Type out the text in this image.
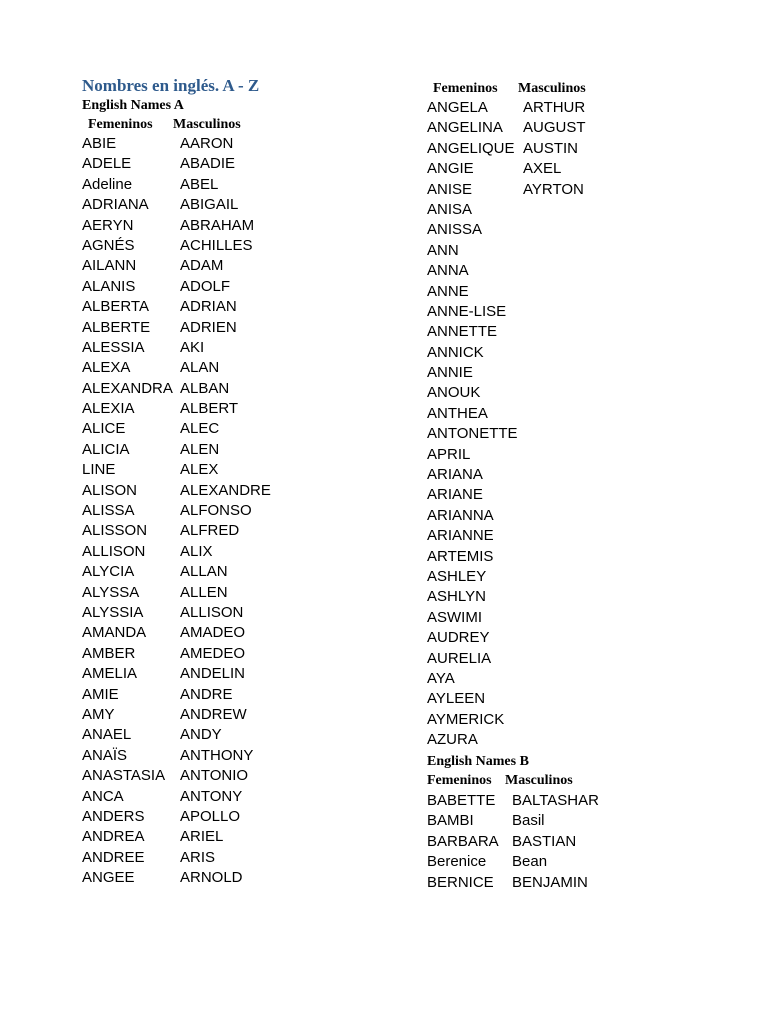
Nombres en inglés. A - Z
English Names A
Femeninos Masculinos
ABIE	AARON
ADELE	ABADIE
Adeline	ABEL
ADRIANA ABIGAIL
AERYN	ABRAHAM
AGNÉS	ACHILLES
AILANN	ADAM
ALANIS	ADOLF
ALBERTA ADRIAN
ALBERTE ADRIEN
ALESSIA AKI
ALEXA	ALAN
ALEXANDRA ALBAN
ALEXIA	ALBERT
ALICE	ALEC
ALICIA	ALEN
LINE	ALEX
ALISON	ALEXANDRE
ALISSA	ALFONSO
ALISSON ALFRED
ALLISON ALIX
ALYCIA	ALLAN
ALYSSA	ALLEN
ALYSSIA ALLISON
AMANDA AMADEO
AMBER	AMEDEO
AMELIA	ANDELIN
AMIE	ANDRE
AMY	ANDREW
ANAEL	ANDY
ANAÏS	ANTHONY
ANASTASIA ANTONIO
ANCA	ANTONY
ANDERS APOLLO
ANDREA ARIEL
ANDREE ARIS
ANGEE	ARNOLD
Femeninos Masculinos
ANGELA ARTHUR
ANGELINA AUGUST
ANGELIQUE AUSTIN
ANGIE	AXEL
ANISE	AYRTON
ANISA
ANISSA
ANN
ANNA
ANNE
ANNE-LISE
ANNETTE
ANNICK
ANNIE
ANOUK
ANTHEA
ANTONETTE
APRIL
ARIANA
ARIANE
ARIANNA
ARIANNE
ARTEMIS
ASHLEY
ASHLYN
ASWIMI
AUDREY
AURELIA
AYA
AYLEEN
AYMERICK
AZURA
English Names B
Femeninos Masculinos
BABETTE BALTASHAR
BAMBI	Basil
BARBARA BASTIAN
Berenice Bean
BERNICE BENJAMIN
